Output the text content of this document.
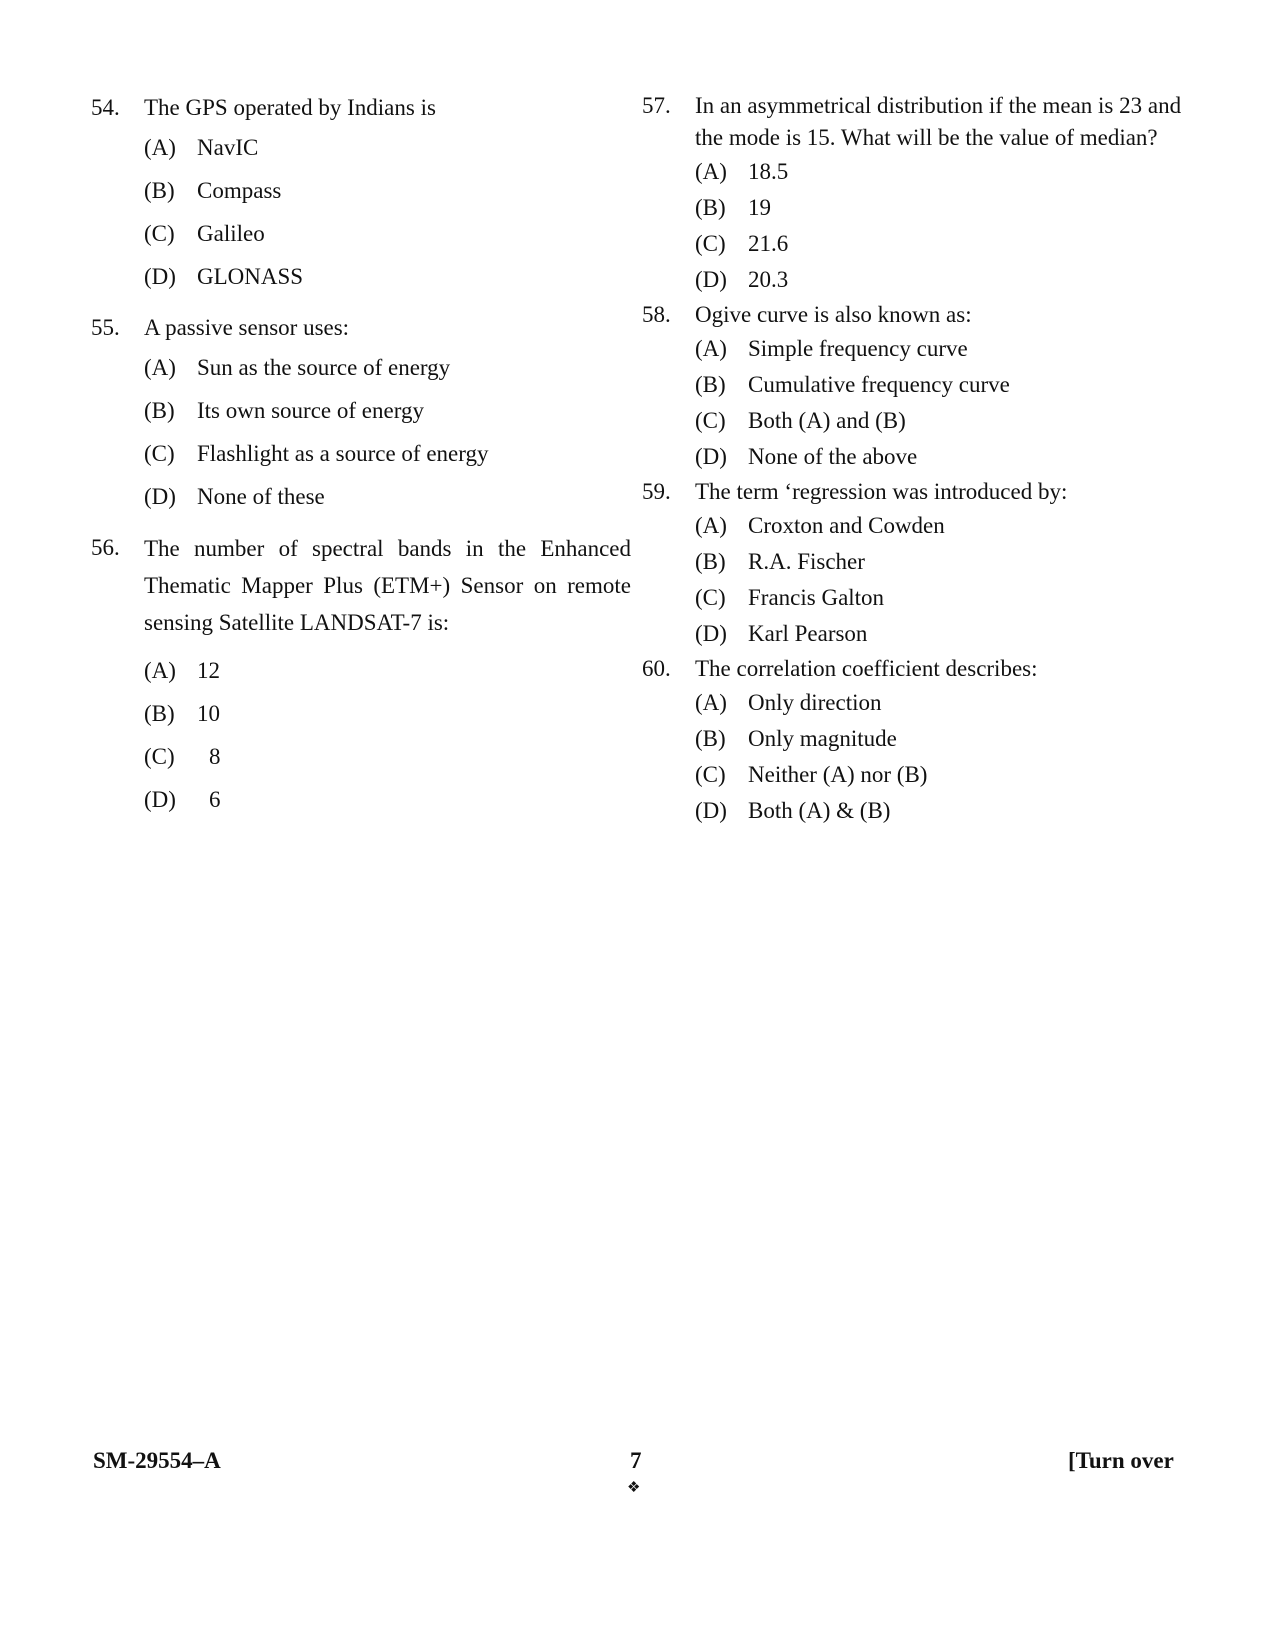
54.	The GPS operated by Indians is
(A) NavIC
(B) Compass
(C) Galileo
(D) GLONASS
55.	A passive sensor uses:
(A) Sun as the source of energy
(B) Its own source of energy
(C) Flashlight as a source of energy
(D) None of these
56.	The number of spectral bands in the Enhanced Thematic Mapper Plus (ETM+) Sensor on remote sensing Satellite LANDSAT-7 is:
(A) 12
(B) 10
(C)	8
(D)	6
57.	In an asymmetrical distribution if the mean is 23 and the mode is 15. What will be the value of median?
(A) 18.5
(B) 19
(C) 21.6
(D) 20.3
58.	Ogive curve is also known as:
(A) Simple frequency curve
(B) Cumulative frequency curve
(C) Both (A) and (B)
(D) None of the above
59.	The term ‘regression was introduced by:
(A) Croxton and Cowden
(B) R.A. Fischer
(C) Francis Galton
(D) Karl Pearson
60.	The correlation coefficient describes:
(A) Only direction
(B) Only magnitude
(C) Neither (A) nor (B)
(D) Both (A) & (B)
SM-29554–A	7	[Turn over
❖
